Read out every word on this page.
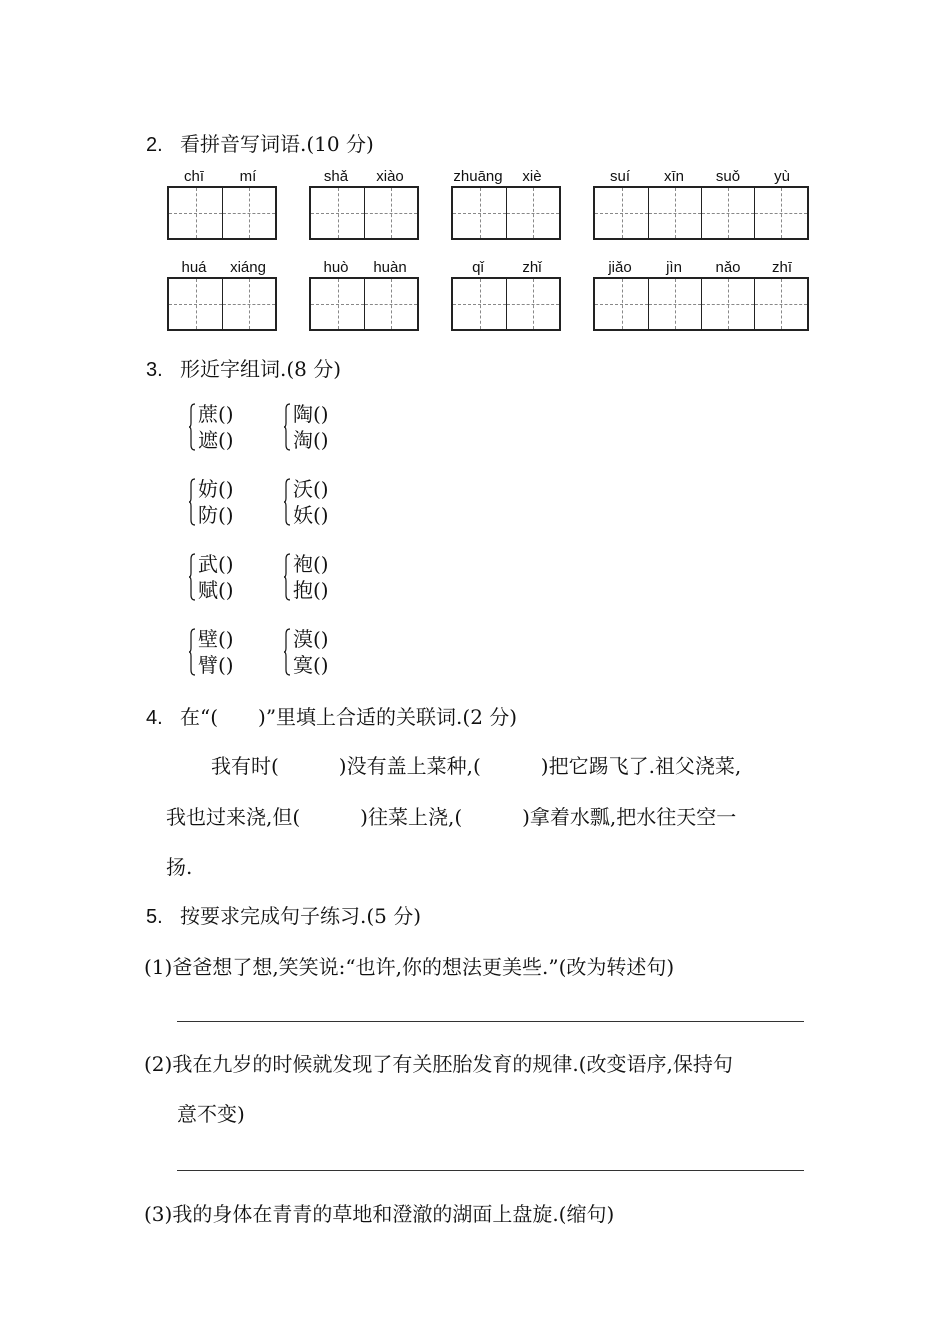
2. 看拼音写词语.(10 分)
chī	mí	shǎ	xiào	zhuāng	xiè	suí	xīn	suǒ	yù
huá	xiáng	huò	huàn	qǐ	zhǐ	jiǎo	jìn	nǎo	zhī
3. 形近字组词.(8 分)
蔗()
遮()
陶()
淘()
妨()
防()
沃()
妖()
武()
赋()
袍()
抱()
壁()
臂()
漠()
寞()
4. 在“(　　)”里填上合适的关联词.(2 分)
我有时(　　　)没有盖上菜种,(　　　)把它踢飞了.祖父浇菜,
我也过来浇,但(　　　)往菜上浇,(　　　)拿着水瓢,把水往天空一
扬.
5. 按要求完成句子练习.(5 分)
(1)爸爸想了想,笑笑说:“也许,你的想法更美些.”(改为转述句)
(2)我在九岁的时候就发现了有关胚胎发育的规律.(改变语序,保持句
意不变)
(3)我的身体在青青的草地和澄澈的湖面上盘旋.(缩句)
